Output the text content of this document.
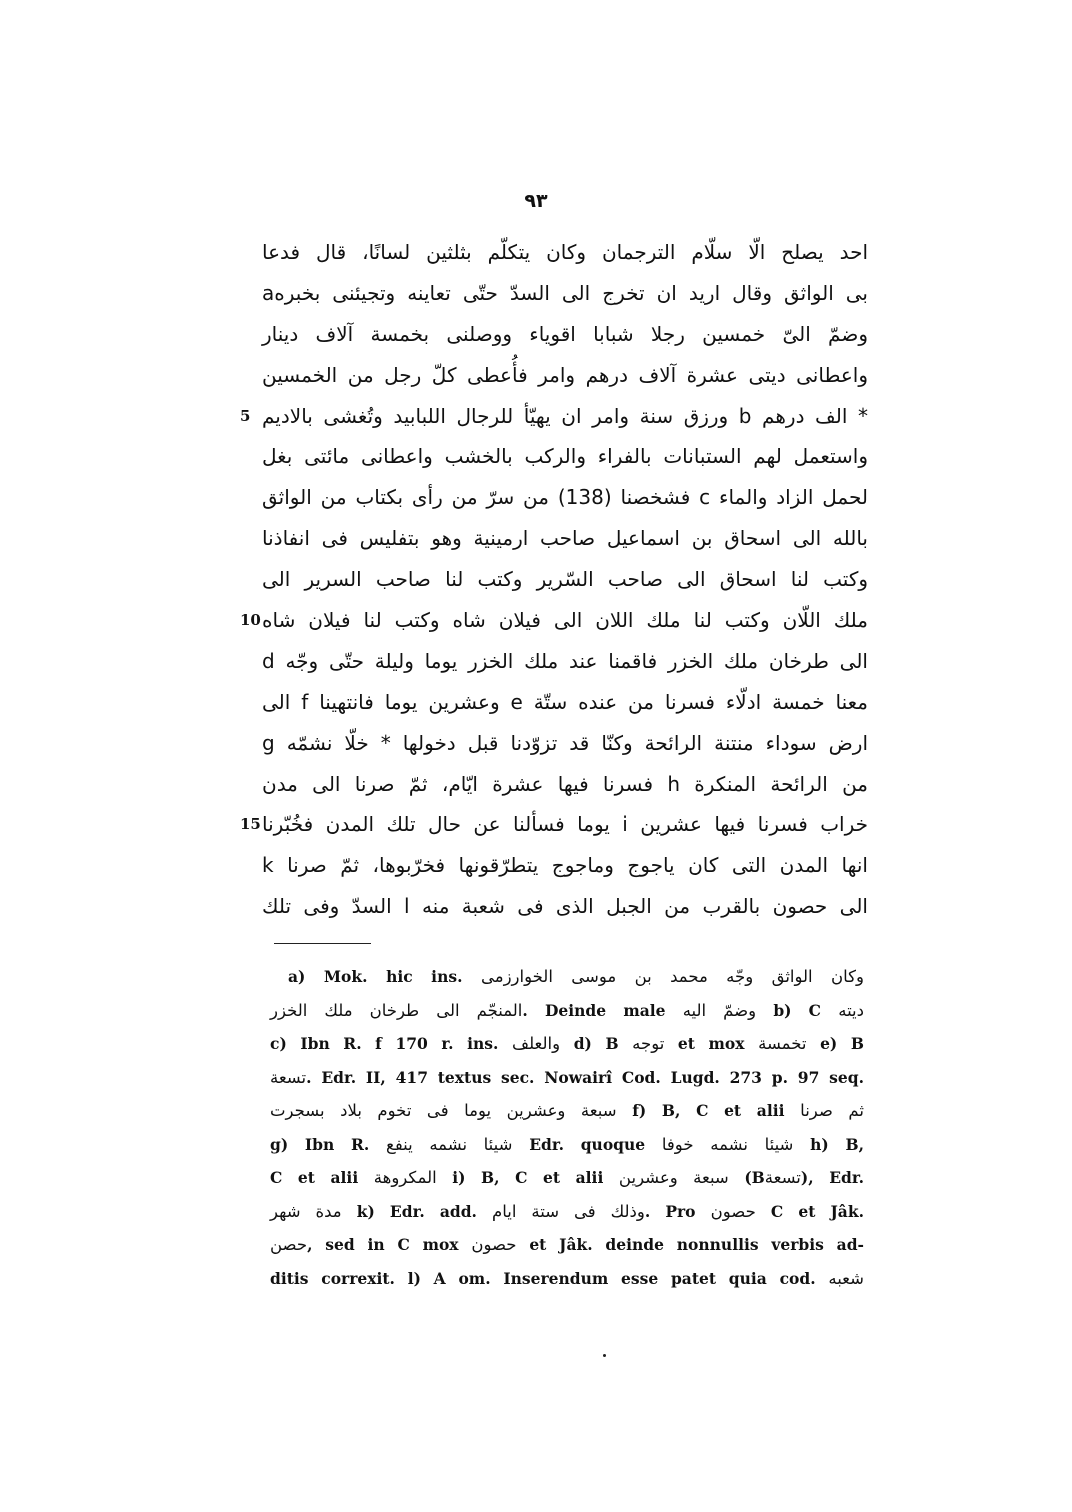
٩٣
احد يصلح الّا سلّام الترجمان وكان يتكلّم بثلثين لسانًا، قال فدعا
بى الواثق وقال اريد ان تخرج الى السدّ حتّى تعاينه وتجيئنى بخبرهa
وضمّ الىّ خمسين رجلا شبابا اقوياء ووصلنى بخمسة آلاف دينار
واعطانى ديتى عشرة آلاف درهم وامر فأُعطى كلّ رجل من الخمسين
* الف درهم b ورزق سنة وامر ان يهيّأ للرجال اللبابيد وتُغشى بالاديم
5
واستعمل لهم الستبانات بالفراء والركب بالخشب واعطانى مائتى بغل
لحمل الزاد والماء c فشخصنا (138) من سرّ من رأى بكتاب من الواثق
بالله الى اسحاق بن اسماعيل صاحب ارمينية وهو بتفليس فى انفاذنا
وكتب لنا اسحاق الى صاحب السّرير وكتب لنا صاحب السرير الى
ملك اللّان وكتب لنا ملك اللان الى فيلان شاه وكتب لنا فيلان شاه
10
الى طرخان ملك الخزر فاقمنا عند ملك الخزر يوما وليلة حتّى وجّه d
معنا خمسة ادلّاء فسرنا من عنده ستّة e وعشرين يوما فانتهينا f الى
ارض سوداء منتنة الرائحة وكنّا قد تزوّدنا قبل دخولها * خلّا نشمّه g
من الرائحة المنكرة h فسرنا فيها عشرة ايّام، ثمّ صرنا الى مدن
خراب فسرنا فيها عشرين i يوما فسألنا عن حال تلك المدن فخُبّرنا
15
انها المدن التى كان ياجوج وماجوج يتطرّقونها فخرّبوها، ثمّ صرنا k
الى حصون بالقرب من الجبل الذى فى شعبة منه l السدّ وفى تلك
a) Mok. hic ins. وكان الواثق وجّه محمد بن موسى الخوارزمى
المنجّم الى طرخان ملك الخزر. Deinde male وضمّ اليه b) C ديته
c) Ibn R. f 170 r. ins. والعلف d) B توجه et mox تخمسة e) B
تسعة. Edr. II, 417 textus sec. Nowairî Cod. Lugd. 273 p. 97 seq.
سبعة وعشرين يوما فى تخوم بلاد بسجرت f) B, C et alii ثم صرنا
g) Ibn R. شيئا نشمه ينفع Edr. quoque خوفا شيئا نشمه h) B,
C et alii المكروهة i) B, C et alii سبعة وعشرين (Bتسعة), Edr.
مدة شهر k) Edr. add. وذلك فى ستة ايام. Pro حصون C et Jâk.
حصن, sed in C mox حصون et Jâk. deinde nonnullis verbis ad-
ditis correxit. l) A om. Inserendum esse patet quia cod. شعبه
